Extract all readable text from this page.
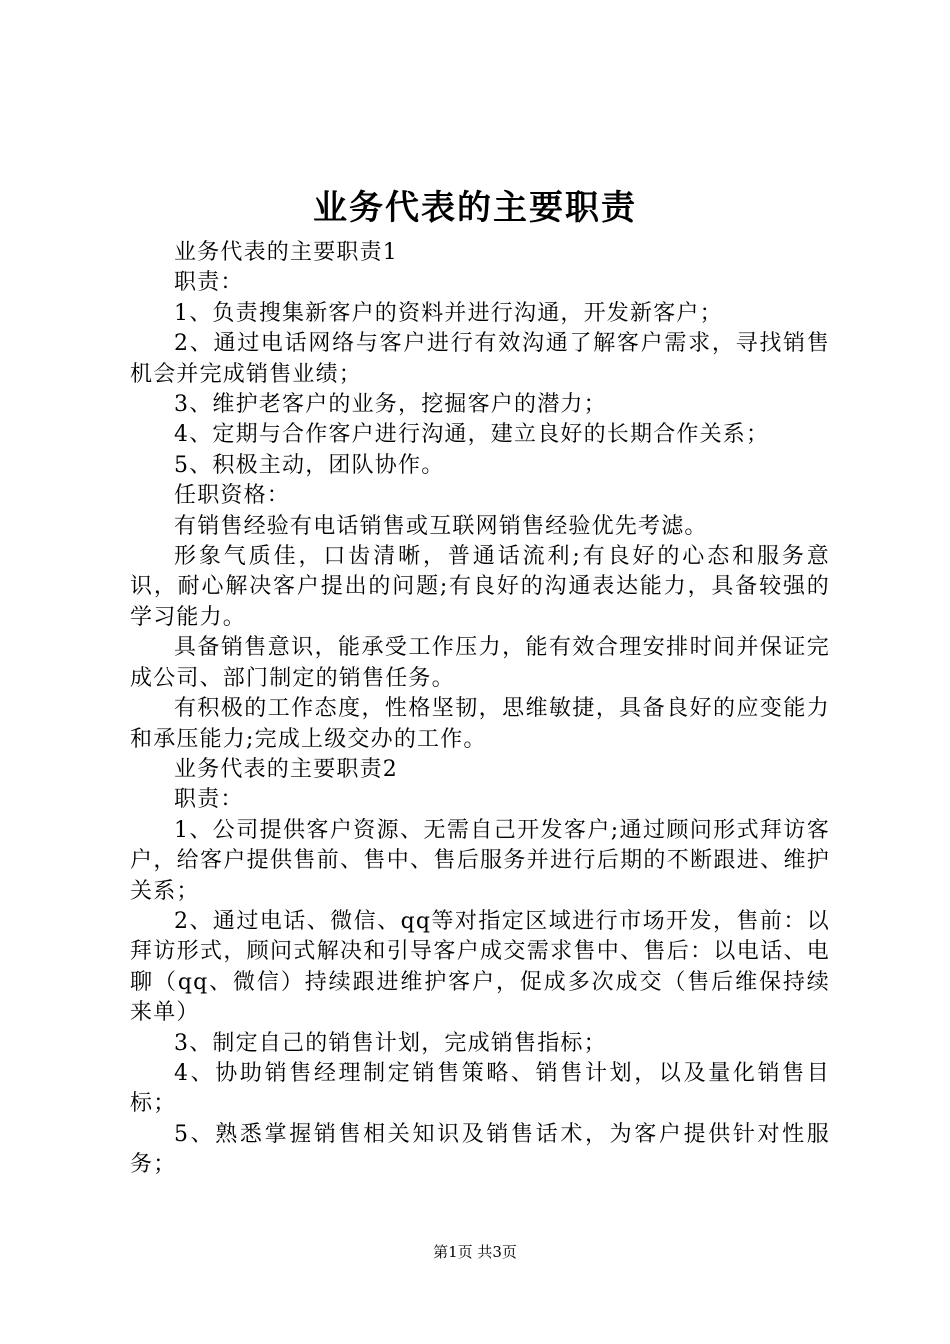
业务代表的主要职责

业务代表的主要职责1

职责：

1、负责搜集新客户的资料并进行沟通，开发新客户；

2、通过电话网络与客户进行有效沟通了解客户需求，寻找销售机会并完成销售业绩；

3、维护老客户的业务，挖掘客户的潜力；

4、定期与合作客户进行沟通，建立良好的长期合作关系；

5、积极主动，团队协作。

任职资格：

有销售经验有电话销售或互联网销售经验优先考滤。

形象气质佳，口齿清晰，普通话流利;有良好的心态和服务意识，耐心解决客户提出的问题;有良好的沟通表达能力，具备较强的学习能力。

具备销售意识，能承受工作压力，能有效合理安排时间并保证完成公司、部门制定的销售任务。

有积极的工作态度，性格坚韧，思维敏捷，具备良好的应变能力和承压能力;完成上级交办的工作。

业务代表的主要职责2

职责：

1、公司提供客户资源、无需自己开发客户;通过顾问形式拜访客户，给客户提供售前、售中、售后服务并进行后期的不断跟进、维护关系；

2、通过电话、微信、qq等对指定区域进行市场开发，售前：以拜访形式，顾问式解决和引导客户成交需求售中、售后：以电话、电聊（qq、微信）持续跟进维护客户，促成多次成交（售后维保持续来单）

3、制定自己的销售计划，完成销售指标；

4、协助销售经理制定销售策略、销售计划，以及量化销售目标；

5、熟悉掌握销售相关知识及销售话术，为客户提供针对性服务；

第1页 共3页
